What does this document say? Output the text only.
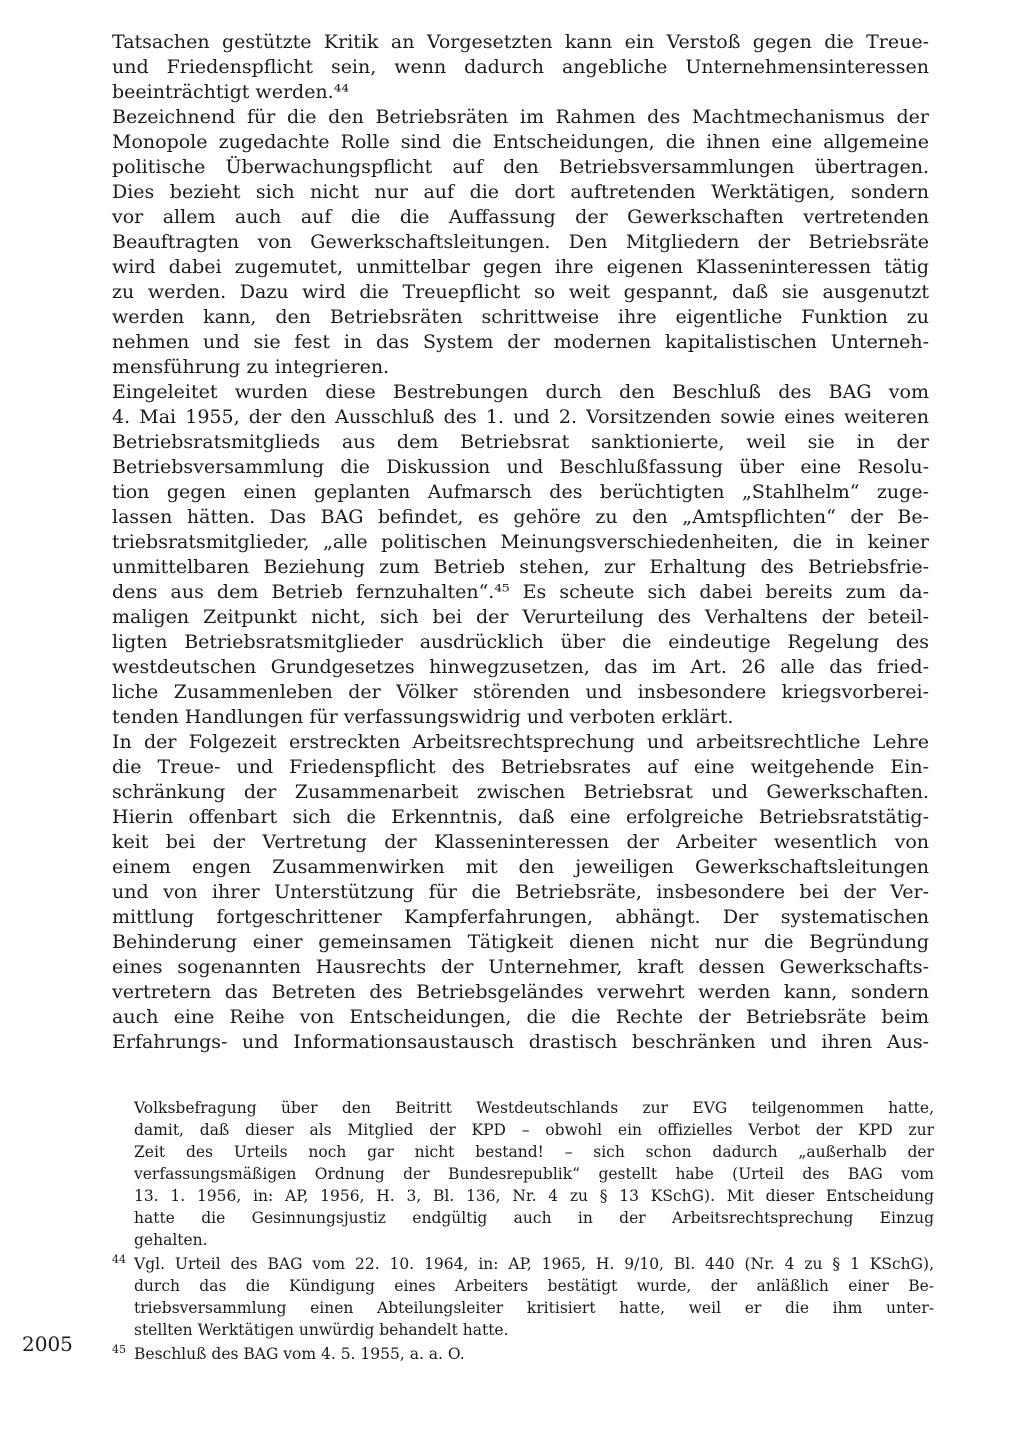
Tatsachen gestützte Kritik an Vorgesetzten kann ein Verstoß gegen die Treue-
und Friedenspflicht sein, wenn dadurch angebliche Unternehmensinteressen
beeinträchtigt werden.⁴⁴
Bezeichnend für die den Betriebsräten im Rahmen des Machtmechanismus der
Monopole zugedachte Rolle sind die Entscheidungen, die ihnen eine allgemeine
politische Überwachungspflicht auf den Betriebsversammlungen übertragen.
Dies bezieht sich nicht nur auf die dort auftretenden Werktätigen, sondern
vor allem auch auf die die Auffassung der Gewerkschaften vertretenden
Beauftragten von Gewerkschaftsleitungen. Den Mitgliedern der Betriebsräte
wird dabei zugemutet, unmittelbar gegen ihre eigenen Klasseninteressen tätig
zu werden. Dazu wird die Treuepflicht so weit gespannt, daß sie ausgenutzt
werden kann, den Betriebsräten schrittweise ihre eigentliche Funktion zu
nehmen und sie fest in das System der modernen kapitalistischen Unterneh-
mensführung zu integrieren.
Eingeleitet wurden diese Bestrebungen durch den Beschluß des BAG vom
4. Mai 1955, der den Ausschluß des 1. und 2. Vorsitzenden sowie eines weiteren
Betriebsratsmitglieds aus dem Betriebsrat sanktionierte, weil sie in der
Betriebsversammlung die Diskussion und Beschlußfassung über eine Resolu-
tion gegen einen geplanten Aufmarsch des berüchtigten „Stahlhelm“ zuge-
lassen hätten. Das BAG befindet, es gehöre zu den „Amtspflichten“ der Be-
triebsratsmitglieder, „alle politischen Meinungsverschiedenheiten, die in keiner
unmittelbaren Beziehung zum Betrieb stehen, zur Erhaltung des Betriebsfrie-
dens aus dem Betrieb fernzuhalten“.⁴⁵ Es scheute sich dabei bereits zum da-
maligen Zeitpunkt nicht, sich bei der Verurteilung des Verhaltens der beteil-
ligten Betriebsratsmitglieder ausdrücklich über die eindeutige Regelung des
westdeutschen Grundgesetzes hinwegzusetzen, das im Art. 26 alle das fried-
liche Zusammenleben der Völker störenden und insbesondere kriegsvorberei-
tenden Handlungen für verfassungswidrig und verboten erklärt.
In der Folgezeit erstreckten Arbeitsrechtsprechung und arbeitsrechtliche Lehre
die Treue- und Friedenspflicht des Betriebsrates auf eine weitgehende Ein-
schränkung der Zusammenarbeit zwischen Betriebsrat und Gewerkschaften.
Hierin offenbart sich die Erkenntnis, daß eine erfolgreiche Betriebsratstätig-
keit bei der Vertretung der Klasseninteressen der Arbeiter wesentlich von
einem engen Zusammenwirken mit den jeweiligen Gewerkschaftsleitungen
und von ihrer Unterstützung für die Betriebsräte, insbesondere bei der Ver-
mittlung fortgeschrittener Kampferfahrungen, abhängt. Der systematischen
Behinderung einer gemeinsamen Tätigkeit dienen nicht nur die Begründung
eines sogenannten Hausrechts der Unternehmer, kraft dessen Gewerkschafts-
vertretern das Betreten des Betriebsgeländes verwehrt werden kann, sondern
auch eine Reihe von Entscheidungen, die die Rechte der Betriebsräte beim
Erfahrungs- und Informationsaustausch drastisch beschränken und ihren Aus-
Volksbefragung über den Beitritt Westdeutschlands zur EVG teilgenommen hatte,
damit, daß dieser als Mitglied der KPD – obwohl ein offizielles Verbot der KPD zur
Zeit des Urteils noch gar nicht bestand! – sich schon dadurch „außerhalb der
verfassungsmäßigen Ordnung der Bundesrepublik“ gestellt habe (Urteil des BAG vom
13. 1. 1956, in: AP, 1956, H. 3, Bl. 136, Nr. 4 zu § 13 KSchG). Mit dieser Entscheidung
hatte die Gesinnungsjustiz endgültig auch in der Arbeitsrechtsprechung Einzug
gehalten.
44 Vgl. Urteil des BAG vom 22. 10. 1964, in: AP, 1965, H. 9/10, Bl. 440 (Nr. 4 zu § 1 KSchG),
durch das die Kündigung eines Arbeiters bestätigt wurde, der anläßlich einer Be-
triebsversammlung einen Abteilungsleiter kritisiert hatte, weil er die ihm unter-
stellten Werktätigen unwürdig behandelt hatte.
45 Beschluß des BAG vom 4. 5. 1955, a. a. O.
2005
